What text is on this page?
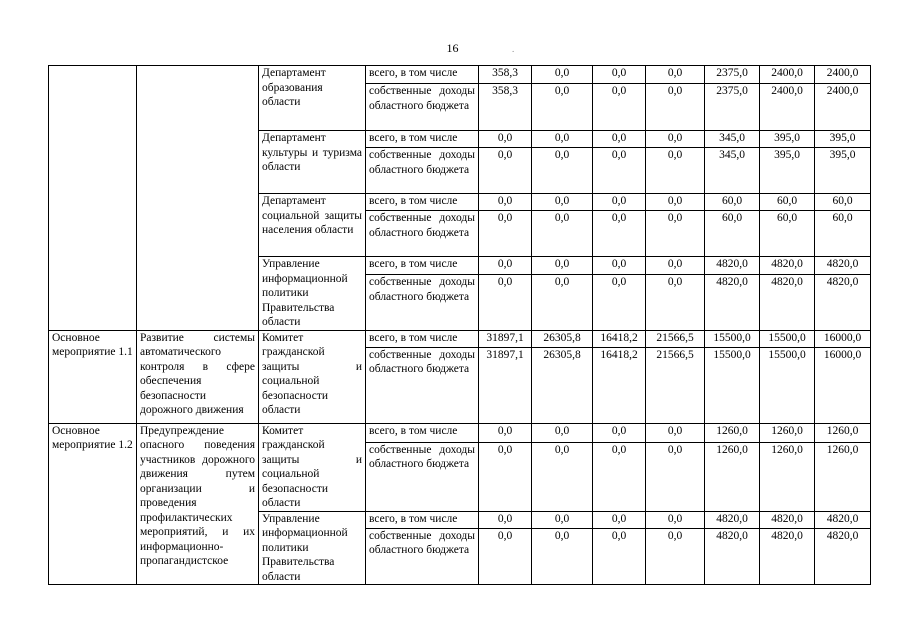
16	.
		Департамент образования области	всего, в том числе	358,3	0,0	0,0	0,0	2375,0	2400,0	2400,0
			собственные доходы областного бюджета	358,3	0,0	0,0	0,0	2375,0	2400,0	2400,0
		Департамент культуры и туризма области	всего, в том числе	0,0	0,0	0,0	0,0	345,0	395,0	395,0
			собственные доходы областного бюджета	0,0	0,0	0,0	0,0	345,0	395,0	395,0
		Департамент социальной защиты населения области	всего, в том числе	0,0	0,0	0,0	0,0	60,0	60,0	60,0
			собственные доходы областного бюджета	0,0	0,0	0,0	0,0	60,0	60,0	60,0
		Управление информационной политики Правительства области	всего, в том числе	0,0	0,0	0,0	0,0	4820,0	4820,0	4820,0
			собственные доходы областного бюджета	0,0	0,0	0,0	0,0	4820,0	4820,0	4820,0
Основное мероприятие 1.1	Развитие системы автоматического контроля в сфере обеспечения безопасности дорожного движения	Комитет гражданской защиты и социальной безопасности области	всего, в том числе	31897,1	26305,8	16418,2	21566,5	15500,0	15500,0	16000,0
			собственные доходы областного бюджета	31897,1	26305,8	16418,2	21566,5	15500,0	15500,0	16000,0
Основное мероприятие 1.2	Предупреждение опасного поведения участников дорожного движения путем организации и проведения профилактических мероприятий, и их информационно-пропагандистское	Комитет гражданской защиты и социальной безопасности области	всего, в том числе	0,0	0,0	0,0	0,0	1260,0	1260,0	1260,0
			собственные доходы областного бюджета	0,0	0,0	0,0	0,0	1260,0	1260,0	1260,0
		Управление информационной политики Правительства области	всего, в том числе	0,0	0,0	0,0	0,0	4820,0	4820,0	4820,0
			собственные доходы областного бюджета	0,0	0,0	0,0	0,0	4820,0	4820,0	4820,0
